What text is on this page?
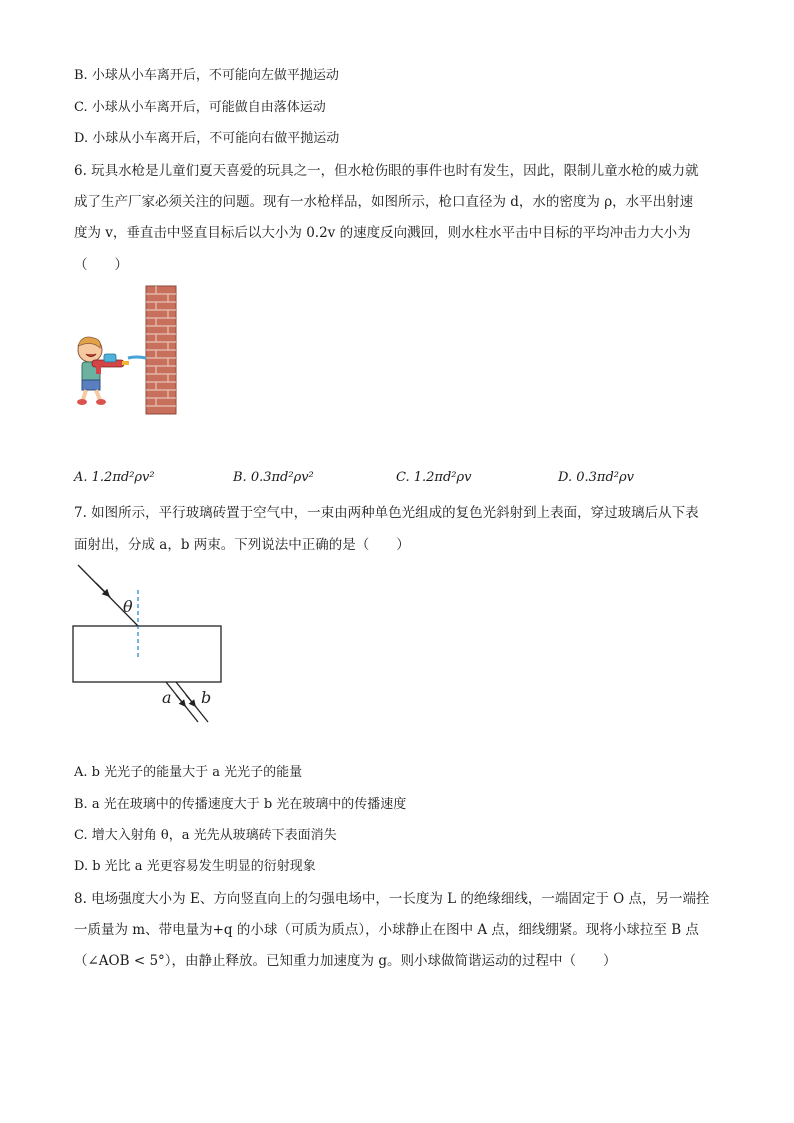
B. 小球从小车离开后，不可能向左做平抛运动
C. 小球从小车离开后，可能做自由落体运动
D. 小球从小车离开后，不可能向右做平抛运动
6. 玩具水枪是儿童们夏天喜爱的玩具之一，但水枪伤眼的事件也时有发生，因此，限制儿童水枪的威力就
成了生产厂家必须关注的问题。现有一水枪样品，如图所示，枪口直径为 d，水的密度为 ρ，水平出射速
度为 v，垂直击中竖直目标后以大小为 0.2v 的速度反向溅回，则水柱水平击中目标的平均冲击力大小为
（　　）
A. 1.2πd²ρv²	B. 0.3πd²ρv²	C. 1.2πd²ρv	D. 0.3πd²ρv
7. 如图所示，平行玻璃砖置于空气中，一束由两种单色光组成的复色光斜射到上表面，穿过玻璃后从下表
面射出，分成 a，b 两束。下列说法中正确的是（　　）
θ
a b
A. b 光光子的能量大于 a 光光子的能量
B. a 光在玻璃中的传播速度大于 b 光在玻璃中的传播速度
C. 增大入射角 θ，a 光先从玻璃砖下表面消失
D. b 光比 a 光更容易发生明显的衍射现象
8. 电场强度大小为 E、方向竖直向上的匀强电场中，一长度为 L 的绝缘细线，一端固定于 O 点，另一端拴
一质量为 m、带电量为+q 的小球（可质为质点），小球静止在图中 A 点，细线绷紧。现将小球拉至 B 点
（∠AOB < 5°），由静止释放。已知重力加速度为 g。则小球做简谐运动的过程中（　　）
